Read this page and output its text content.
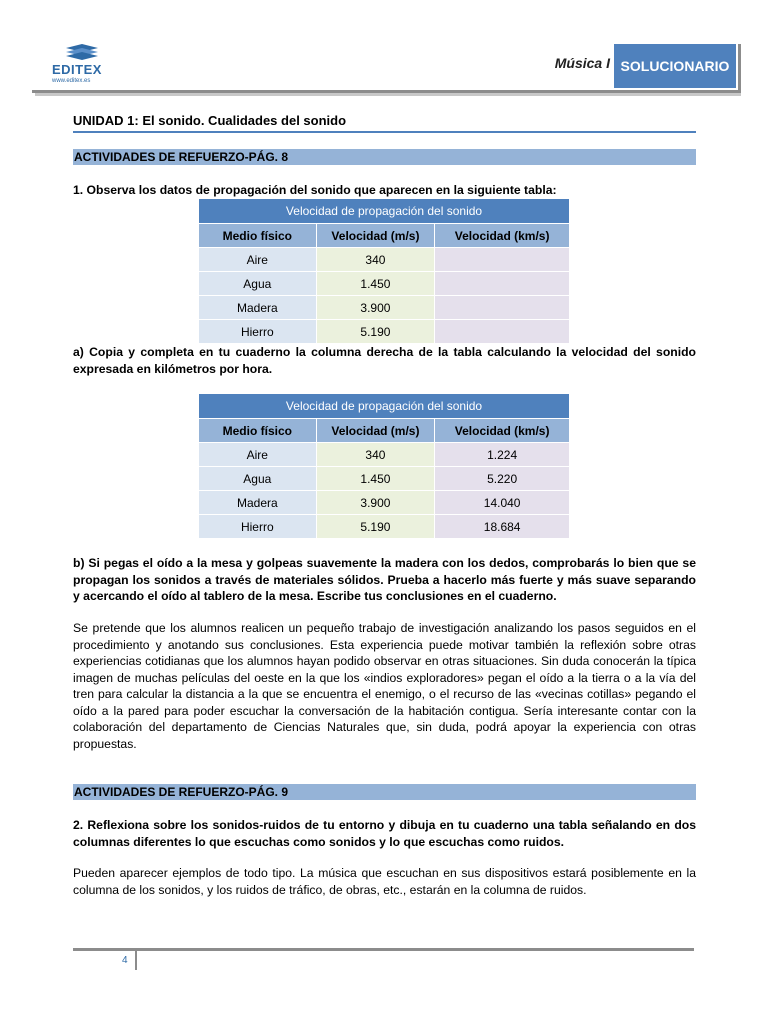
EDITEX
www.editex.es
Música I SOLUCIONARIO
UNIDAD 1: El sonido. Cualidades del sonido
ACTIVIDADES DE REFUERZO-PÁG. 8
1. Observa los datos de propagación del sonido que aparecen en la siguiente tabla:
Velocidad de propagación del sonido		
Medio físico	Velocidad (m/s)	Velocidad (km/s)
Aire	340	
Agua	1.450	
Madera	3.900	
Hierro	5.190	
a) Copia y completa en tu cuaderno la columna derecha de la tabla calculando la velocidad del sonido expresada en kilómetros por hora.
Velocidad de propagación del sonido		
Medio físico	Velocidad (m/s)	Velocidad (km/s)
Aire	340	1.224
Agua	1.450	5.220
Madera	3.900	14.040
Hierro	5.190	18.684
b) Si pegas el oído a la mesa y golpeas suavemente la madera con los dedos, comprobarás lo bien que se propagan los sonidos a través de materiales sólidos. Prueba a hacerlo más fuerte y más suave separando y acercando el oído al tablero de la mesa. Escribe tus conclusiones en el cuaderno.
Se pretende que los alumnos realicen un pequeño trabajo de investigación analizando los pasos seguidos en el procedimiento y anotando sus conclusiones. Esta experiencia puede motivar también la reflexión sobre otras experiencias cotidianas que los alumnos hayan podido observar en otras situaciones. Sin duda conocerán la típica imagen de muchas películas del oeste en la que los «indios exploradores» pegan el oído a la tierra o a la vía del tren para calcular la distancia a la que se encuentra el enemigo, o el recurso de las «vecinas cotillas» pegando el oído a la pared para poder escuchar la conversación de la habitación contigua. Sería interesante contar con la colaboración del departamento de Ciencias Naturales que, sin duda, podrá apoyar la experiencia con otras propuestas.
ACTIVIDADES DE REFUERZO-PÁG. 9
2. Reflexiona sobre los sonidos-ruidos de tu entorno y dibuja en tu cuaderno una tabla señalando en dos columnas diferentes lo que escuchas como sonidos y lo que escuchas como ruidos.
Pueden aparecer ejemplos de todo tipo. La música que escuchan en sus dispositivos estará posiblemente en la columna de los sonidos, y los ruidos de tráfico, de obras, etc., estarán en la columna de ruidos.
4
